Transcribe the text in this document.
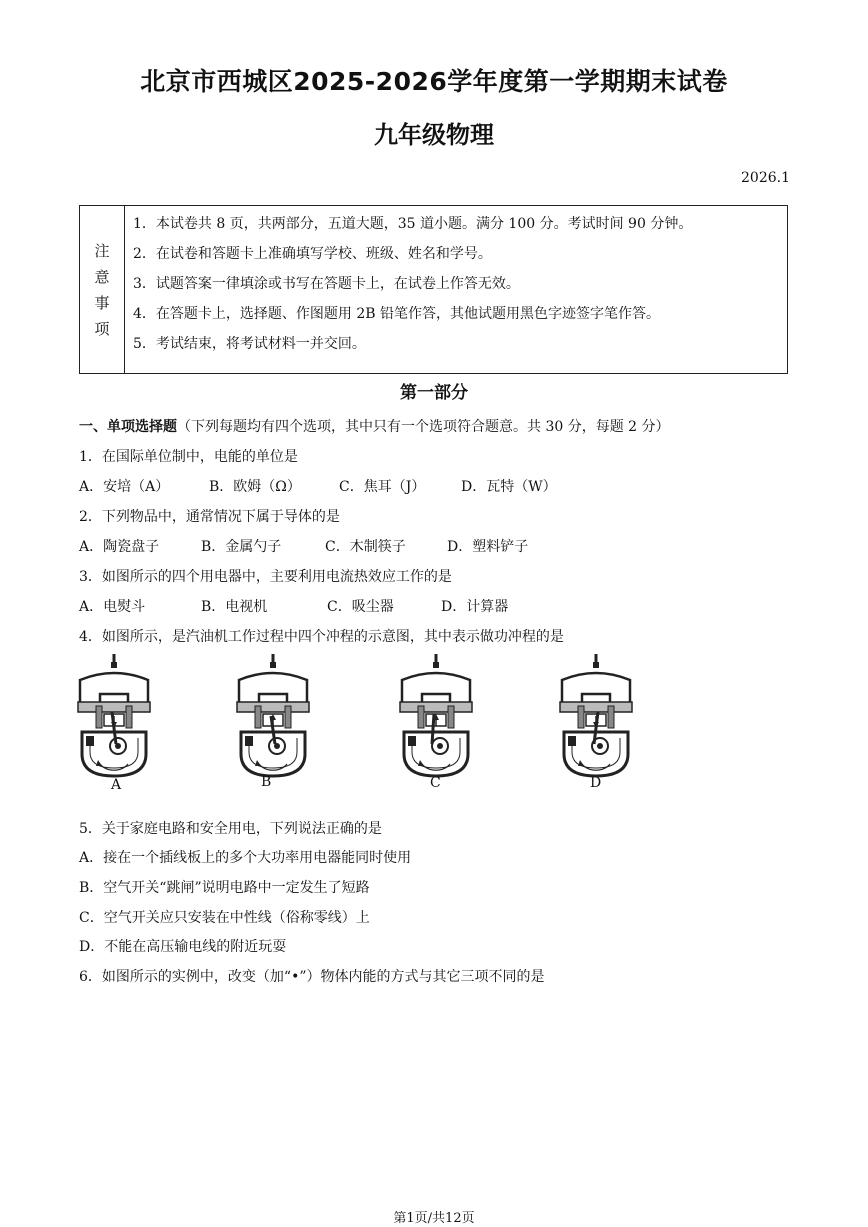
北京市西城区2025-2026学年度第一学期期末试卷
九年级物理
2026.1
注
意
事
项
1．本试卷共 8 页，共两部分，五道大题，35 道小题。满分 100 分。考试时间 90 分钟。
2．在试卷和答题卡上准确填写学校、班级、姓名和学号。
3．试题答案一律填涂或书写在答题卡上，在试卷上作答无效。
4．在答题卡上，选择题、作图题用 2B 铅笔作答，其他试题用黑色字迹签字笔作答。
5．考试结束，将考试材料一并交回。
第一部分
一、单项选择题（下列每题均有四个选项，其中只有一个选项符合题意。共 30 分，每题 2 分）
1．在国际单位制中，电能的单位是
A．安培（A）	B．欧姆（Ω）	C．焦耳（J）	D．瓦特（W）
2．下列物品中，通常情况下属于导体的是
A．陶瓷盘子	B．金属勺子	C．木制筷子	D．塑料铲子
3．如图所示的四个用电器中，主要利用电流热效应工作的是
A．电熨斗	B．电视机	C．吸尘器	D．计算器
4．如图所示，是汽油机工作过程中四个冲程的示意图，其中表示做功冲程的是
A	B	C	D
5．关于家庭电路和安全用电，下列说法正确的是
A．接在一个插线板上的多个大功率用电器能同时使用
B．空气开关“跳闸”说明电路中一定发生了短路
C．空气开关应只安装在中性线（俗称零线）上
D．不能在高压输电线的附近玩耍
6．如图所示的实例中，改变（加“•”）物体内能的方式与其它三项不同的是
第1页/共12页
